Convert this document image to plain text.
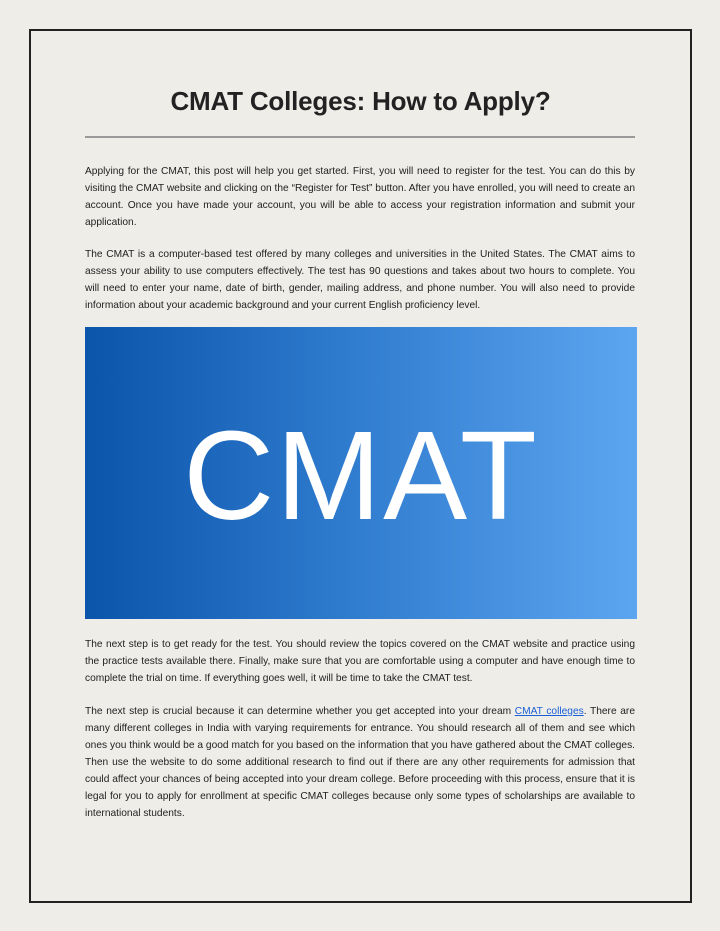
CMAT Colleges: How to Apply?

Applying for the CMAT, this post will help you get started. First, you will need to register for the test. You can do this by visiting the CMAT website and clicking on the “Register for Test” button. After you have enrolled, you will need to create an account. Once you have made your account, you will be able to access your registration information and submit your application.

The CMAT is a computer-based test offered by many colleges and universities in the United States. The CMAT aims to assess your ability to use computers effectively. The test has 90 questions and takes about two hours to complete. You will need to enter your name, date of birth, gender, mailing address, and phone number. You will also need to provide information about your academic background and your current English proficiency level.

CMAT

The next step is to get ready for the test. You should review the topics covered on the CMAT website and practice using the practice tests available there. Finally, make sure that you are comfortable using a computer and have enough time to complete the trial on time. If everything goes well, it will be time to take the CMAT test.

The next step is crucial because it can determine whether you get accepted into your dream CMAT colleges. There are many different colleges in India with varying requirements for entrance. You should research all of them and see which ones you think would be a good match for you based on the information that you have gathered about the CMAT colleges. Then use the website to do some additional research to find out if there are any other requirements for admission that could affect your chances of being accepted into your dream college. Before proceeding with this process, ensure that it is legal for you to apply for enrollment at specific CMAT colleges because only some types of scholarships are available to international students.
